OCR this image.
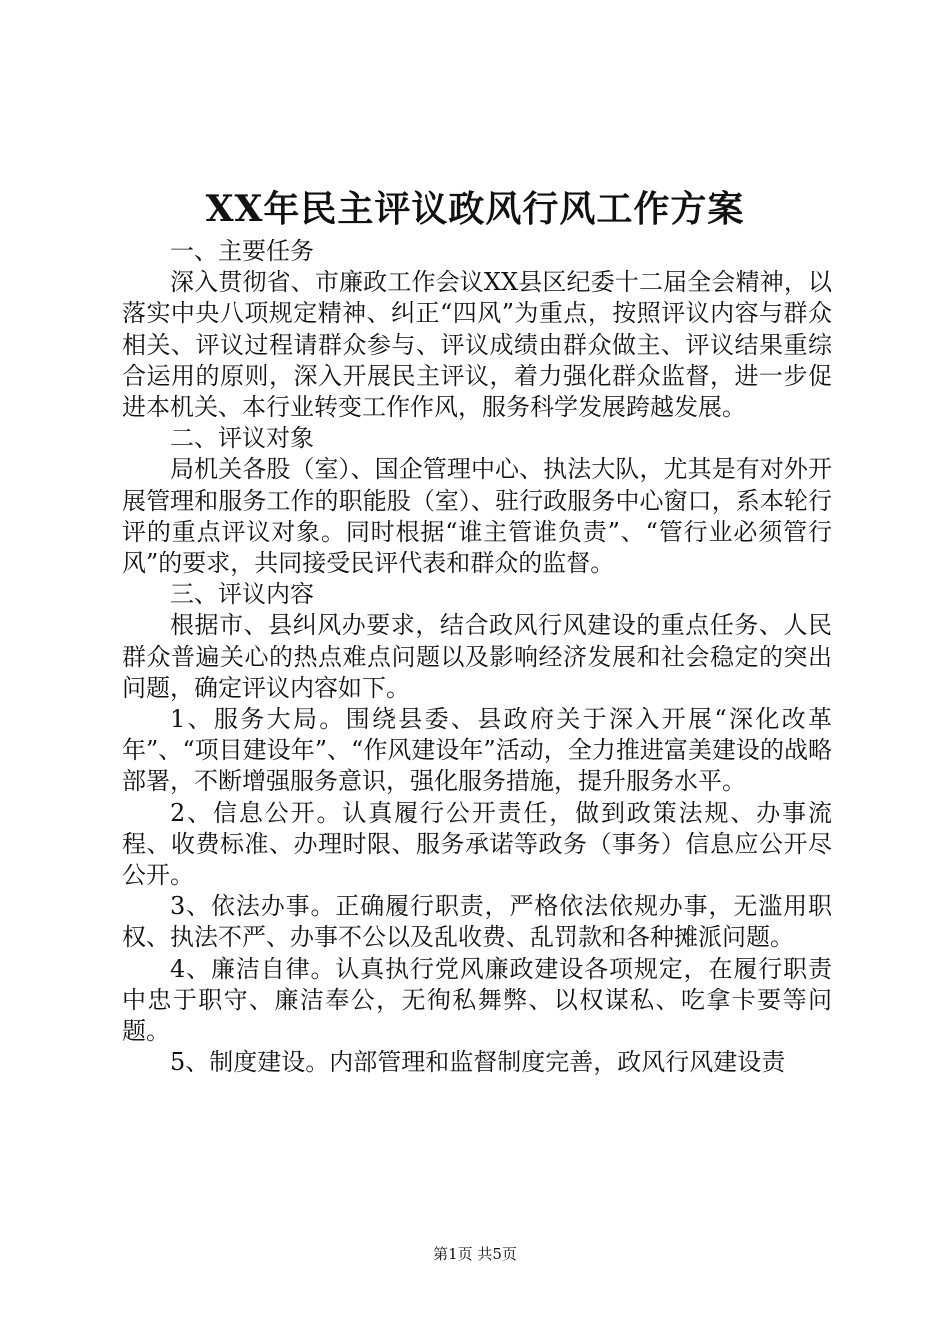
XX年民主评议政风行风工作方案

一、主要任务

深入贯彻省、市廉政工作会议XX县区纪委十二届全会精神，以落实中央八项规定精神、纠正“四风”为重点，按照评议内容与群众相关、评议过程请群众参与、评议成绩由群众做主、评议结果重综合运用的原则，深入开展民主评议，着力强化群众监督，进一步促进本机关、本行业转变工作作风，服务科学发展跨越发展。

二、评议对象

局机关各股（室）、国企管理中心、执法大队，尤其是有对外开展管理和服务工作的职能股（室）、驻行政服务中心窗口，系本轮行评的重点评议对象。同时根据“谁主管谁负责”、“管行业必须管行风”的要求，共同接受民评代表和群众的监督。

三、评议内容

根据市、县纠风办要求，结合政风行风建设的重点任务、人民群众普遍关心的热点难点问题以及影响经济发展和社会稳定的突出问题，确定评议内容如下。

1、服务大局。围绕县委、县政府关于深入开展“深化改革年”、“项目建设年”、“作风建设年”活动，全力推进富美建设的战略部署，不断增强服务意识，强化服务措施，提升服务水平。

2、信息公开。认真履行公开责任，做到政策法规、办事流程、收费标准、办理时限、服务承诺等政务（事务）信息应公开尽公开。

3、依法办事。正确履行职责，严格依法依规办事，无滥用职权、执法不严、办事不公以及乱收费、乱罚款和各种摊派问题。

4、廉洁自律。认真执行党风廉政建设各项规定，在履行职责中忠于职守、廉洁奉公，无徇私舞弊、以权谋私、吃拿卡要等问题。

5、制度建设。内部管理和监督制度完善，政风行风建设责

第1页 共5页
